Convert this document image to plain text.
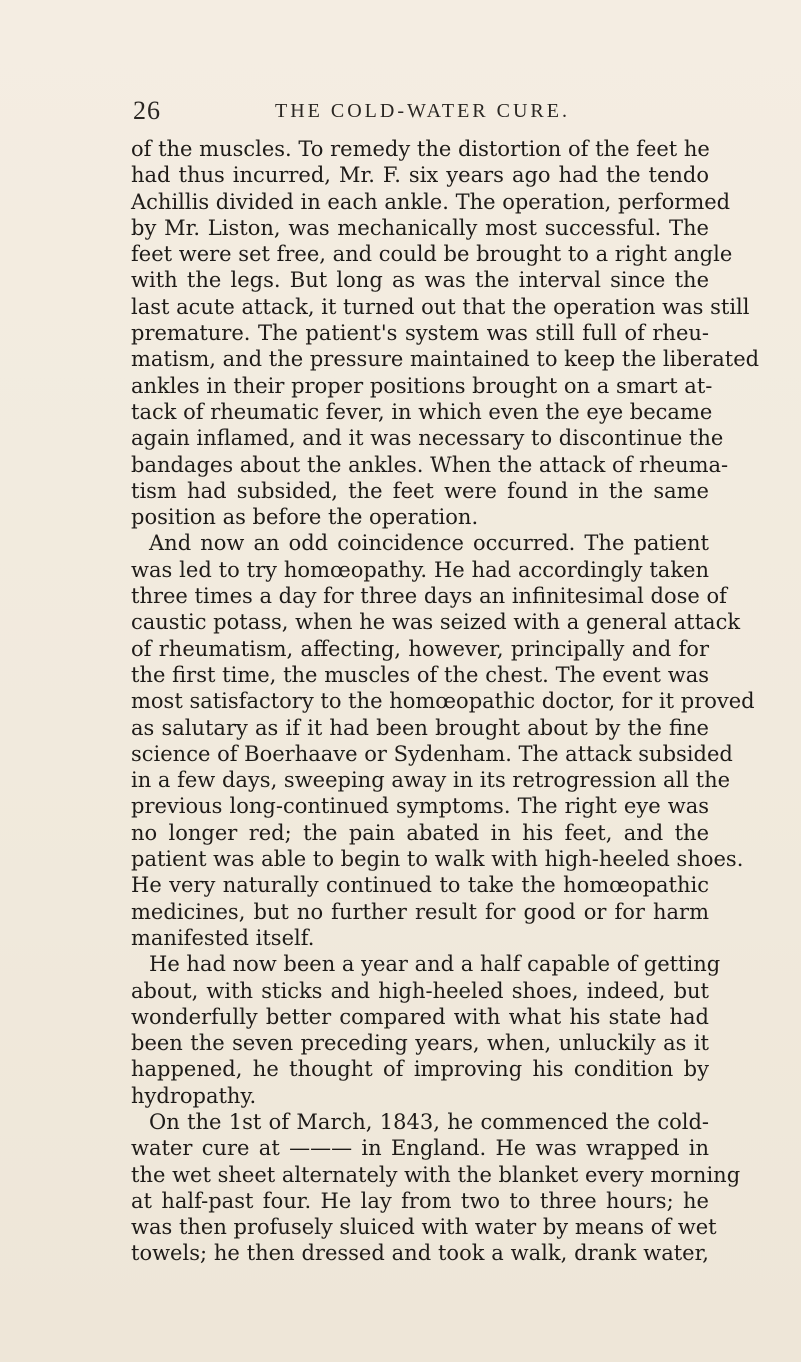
26	THE COLD-WATER CURE.
of the muscles. To remedy the distortion of the feet he
had thus incurred, Mr. F. six years ago had the tendo
Achillis divided in each ankle. The operation, performed
by Mr. Liston, was mechanically most successful. The
feet were set free, and could be brought to a right angle
with the legs. But long as was the interval since the
last acute attack, it turned out that the operation was still
premature. The patient's system was still full of rheu-
matism, and the pressure maintained to keep the liberated
ankles in their proper positions brought on a smart at-
tack of rheumatic fever, in which even the eye became
again inflamed, and it was necessary to discontinue the
bandages about the ankles. When the attack of rheuma-
tism had subsided, the feet were found in the same
position as before the operation.
And now an odd coincidence occurred. The patient
was led to try homœopathy. He had accordingly taken
three times a day for three days an infinitesimal dose of
caustic potass, when he was seized with a general attack
of rheumatism, affecting, however, principally and for
the first time, the muscles of the chest. The event was
most satisfactory to the homœopathic doctor, for it proved
as salutary as if it had been brought about by the fine
science of Boerhaave or Sydenham. The attack subsided
in a few days, sweeping away in its retrogression all the
previous long-continued symptoms. The right eye was
no longer red; the pain abated in his feet, and the
patient was able to begin to walk with high-heeled shoes.
He very naturally continued to take the homœopathic
medicines, but no further result for good or for harm
manifested itself.
He had now been a year and a half capable of getting
about, with sticks and high-heeled shoes, indeed, but
wonderfully better compared with what his state had
been the seven preceding years, when, unluckily as it
happened, he thought of improving his condition by
hydropathy.
On the 1st of March, 1843, he commenced the cold-
water cure at ——— in England. He was wrapped in
the wet sheet alternately with the blanket every morning
at half-past four. He lay from two to three hours; he
was then profusely sluiced with water by means of wet
towels; he then dressed and took a walk, drank water,
